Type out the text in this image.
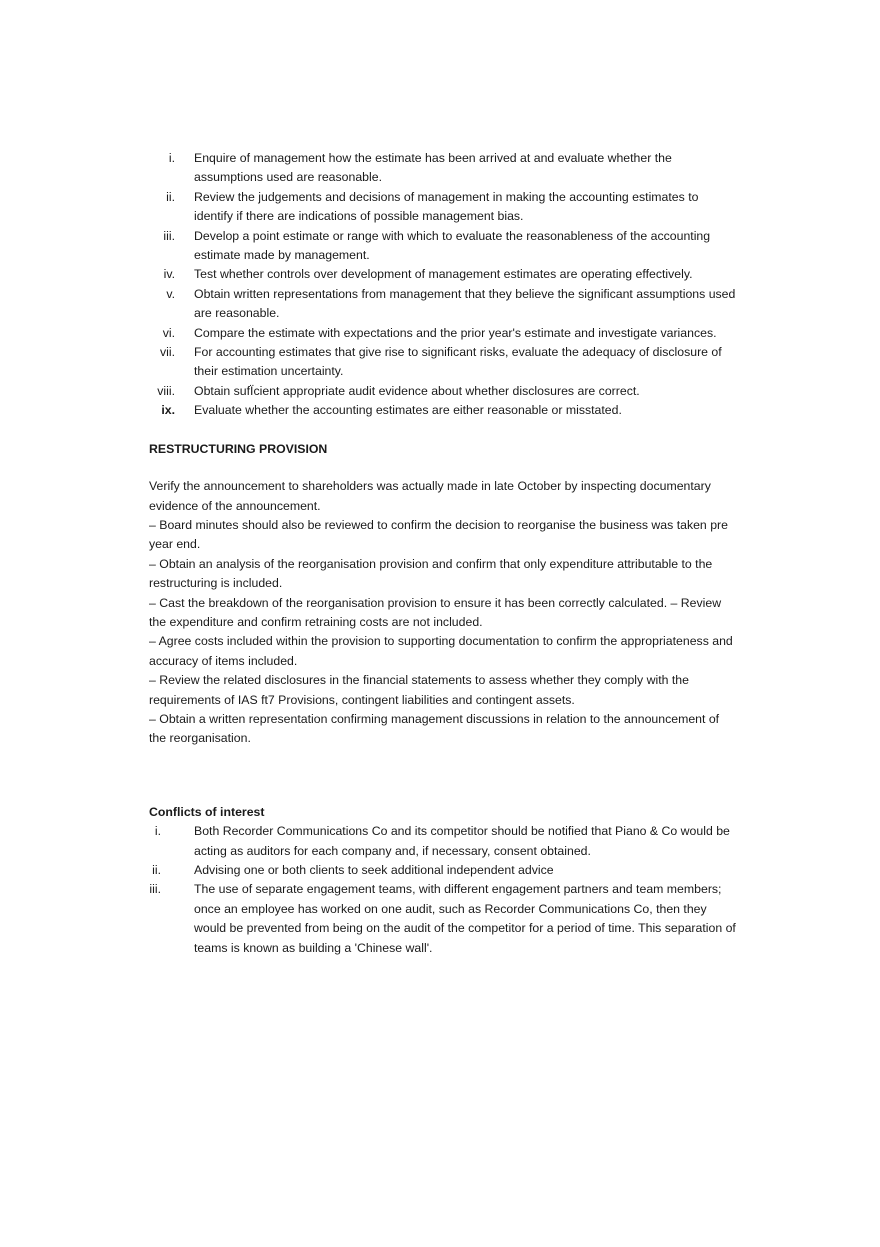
i. Enquire of management how the estimate has been arrived at and evaluate whether the assumptions used are reasonable.
ii. Review the judgements and decisions of management in making the accounting estimates to identify if there are indications of possible management bias.
iii. Develop a point estimate or range with which to evaluate the reasonableness of the accounting estimate made by management.
iv. Test whether controls over development of management estimates are operating effectively.
v. Obtain written representations from management that they believe the significant assumptions used are reasonable.
vi. Compare the estimate with expectations and the prior year's estimate and investigate variances.
vii. For accounting estimates that give rise to significant risks, evaluate the adequacy of disclosure of their estimation uncertainty.
viii. Obtain sufÏcient appropriate audit evidence about whether disclosures are correct.
ix. Evaluate whether the accounting estimates are either reasonable or misstated.
RESTRUCTURING PROVISION

Verify the announcement to shareholders was actually made in late October by inspecting documentary evidence of the announcement.

– Board minutes should also be reviewed to confirm the decision to reorganise the business was taken pre year end.

– Obtain an analysis of the reorganisation provision and confirm that only expenditure attributable to the restructuring is included.

– Cast the breakdown of the reorganisation provision to ensure it has been correctly calculated. – Review the expenditure and confirm retraining costs are not included.

– Agree costs included within the provision to supporting documentation to confirm the appropriateness and accuracy of items included.

– Review the related disclosures in the financial statements to assess whether they comply with the requirements of IAS ft7 Provisions, contingent liabilities and contingent assets.

– Obtain a written representation confirming management discussions in relation to the announcement of the reorganisation.

Conflicts of interest
i.	Both Recorder Communications Co and its competitor should be notified that Piano & Co would be acting as auditors for each company and, if necessary, consent obtained.
ii.	Advising one or both clients to seek additional independent advice
iii.	The use of separate engagement teams, with different engagement partners and team members; once an employee has worked on one audit, such as Recorder Communications Co, then they would be prevented from being on the audit of the competitor for a period of time. This separation of teams is known as building a 'Chinese wall'.
